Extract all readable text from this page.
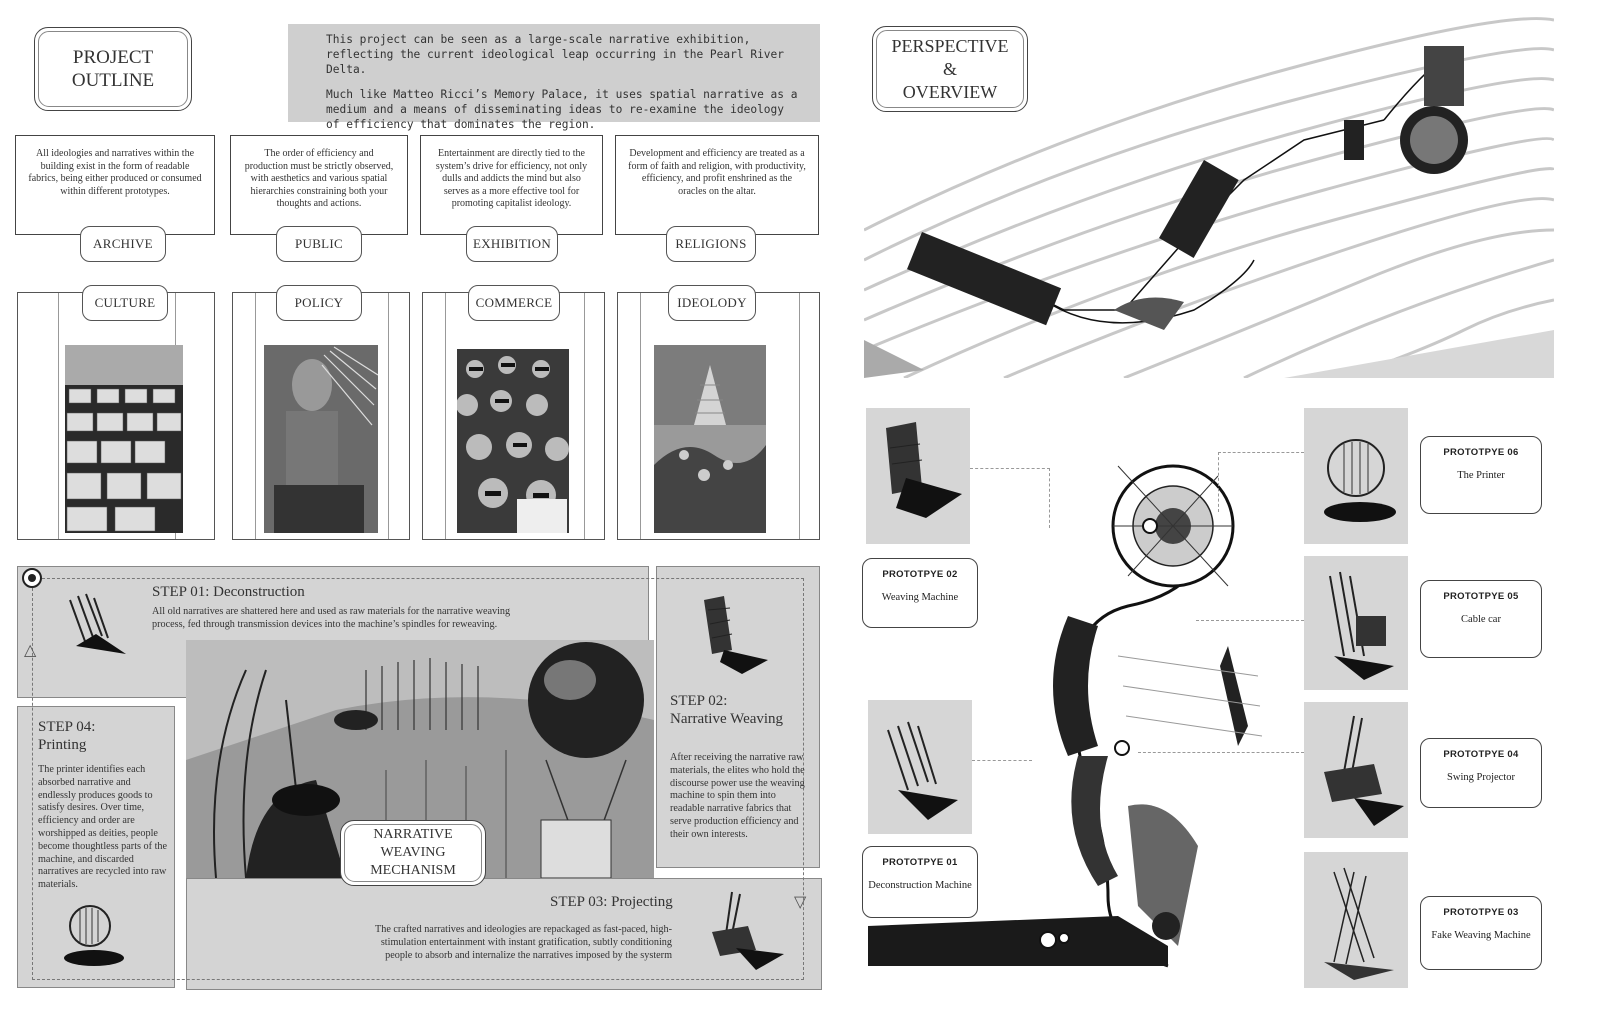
PROJECT
OUTLINE

This project can be seen as a large-scale narrative exhibition, reflecting the current ideological leap occurring in the Pearl River Delta.

Much like Matteo Ricci’s Memory Palace, it uses spatial narrative as a medium and a means of disseminating ideas to re-examine the ideology of efficiency that dominates the region.

All ideologies and narratives within the building exist in the form of readable fabrics, being either produced or consumed within different prototypes.
The order of efficiency and production must be strictly observed, with aesthetics and various spatial hierarchies constraining both your thoughts and actions.
Entertainment are directly tied to the system’s drive for efficiency, not only dulls and addicts the mind but also serves as a more effective tool for promoting capitalist ideology.
Development and efficiency are treated as a form of faith and religion, with productivity, efficiency, and profit enshrined as the oracles on the altar.
ARCHIVE	PUBLIC	EXHIBITION	RELIGIONS
CULTURE	POLICY	COMMERCE	IDEOLODY
NARRATIVE
WEAVING
MECHANISM
△
▽
STEP 01: Deconstruction
All old narratives are shattered here and used as raw materials for the narrative weaving process, fed through transmission devices into the machine’s spindles for reweaving.
STEP 02:
Narrative Weaving
After receiving the narrative raw materials, the elites who hold the discourse power use the weaving machine to spin them into readable narrative fabrics that serve production efficiency and their own interests.
STEP 04:
Printing
The printer identifies each absorbed narrative and endlessly produces goods to satisfy desires. Over time, efficiency and order are worshipped as deities, people become thoughtless parts of the machine, and discarded narratives are recycled into raw materials.
STEP 03: Projecting
The crafted narratives and ideologies are repackaged as fast-paced, high-stimulation entertainment with instant gratification, subtly conditioning people to absorb and internalize the narratives imposed by the systerm
PERSPECTIVE
&
OVERVIEW
PROTOTPYE 02
Weaving Machine
PROTOTPYE 01
Deconstruction Machine
PROTOTPYE 06
The Printer
PROTOTPYE 05
Cable car
PROTOTPYE 04
Swing Projector
PROTOTPYE 03
Fake Weaving Machine
